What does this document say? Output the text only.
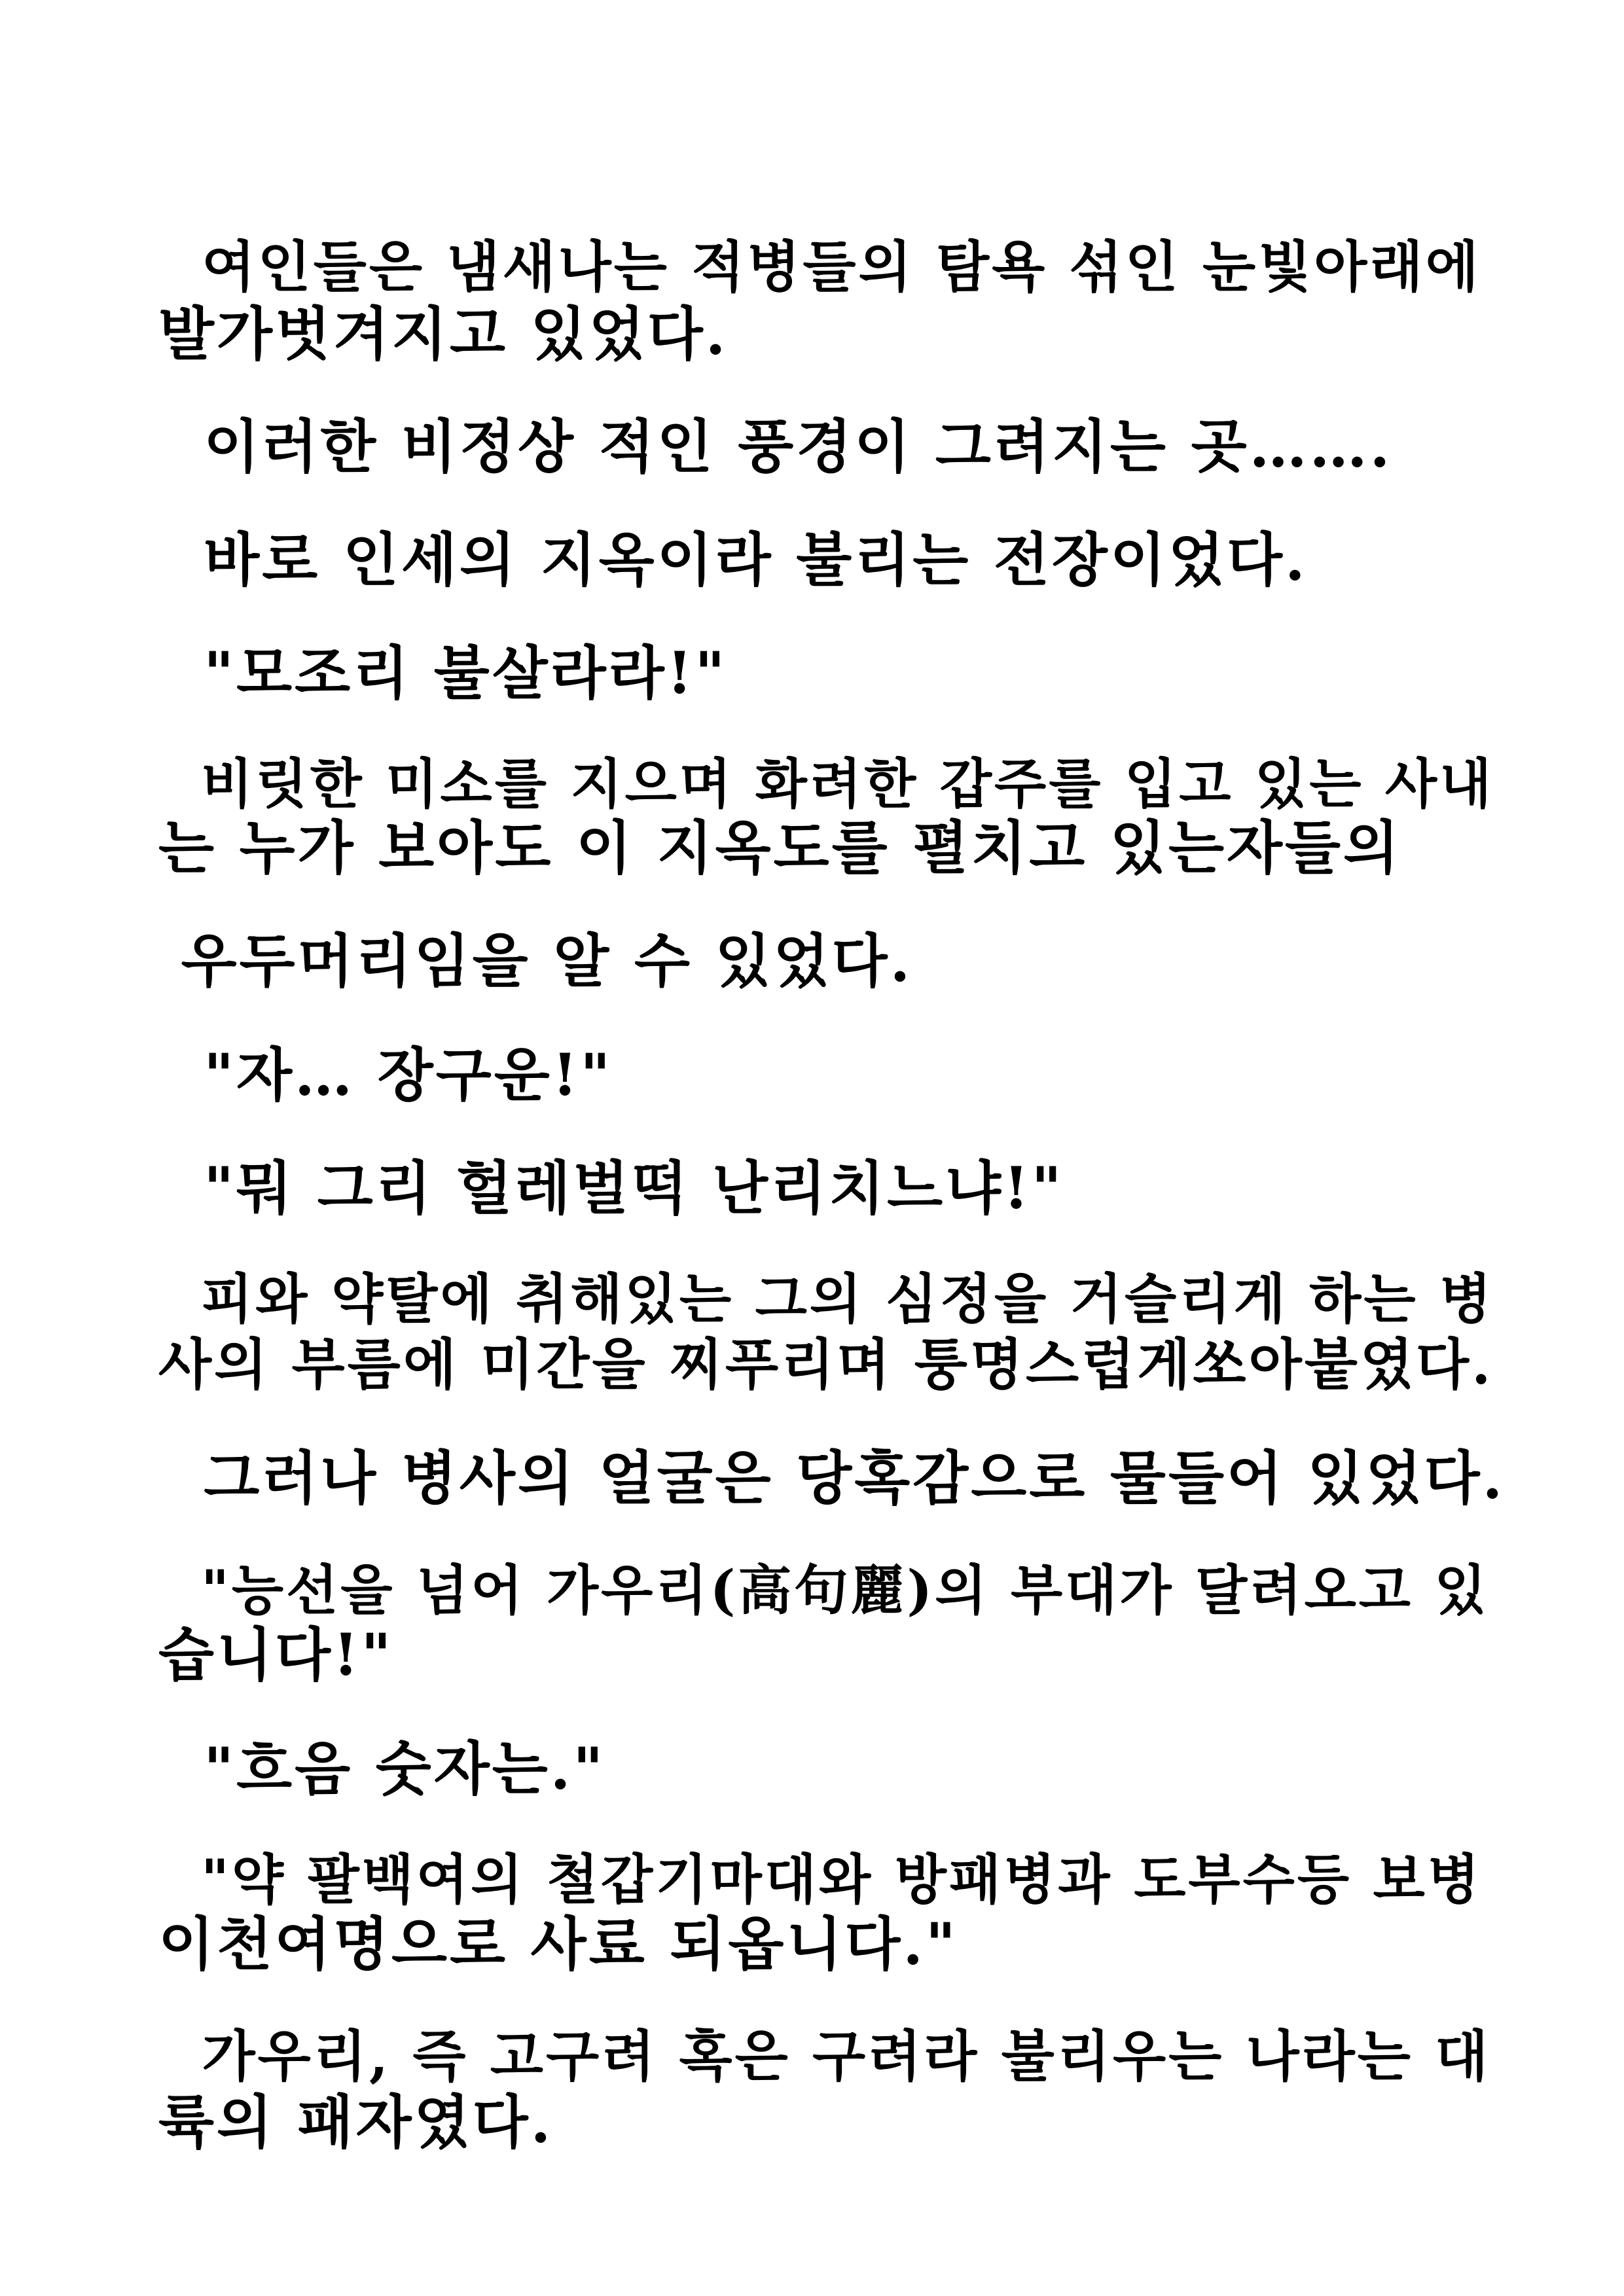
여인들은 냄새나는 적병들의 탐욕 섞인 눈빛아래에

발가벗겨지고 있었다.

이러한 비정상 적인 풍경이 그려지는 곳…….

바로 인세의 지옥이라 불리는 전장이었다.

"모조리 불살라라!"

비릿한 미소를 지으며 화려한 갑주를 입고 있는 사내

는 누가 보아도 이 지옥도를 펼치고 있는자들의

우두머리임을 알 수 있었다.

"자… 장구운!"

"뭐 그리 헐레벌떡 난리치느냐!"

피와 약탈에 취해있는 그의 심정을 거슬리게 하는 병

사의 부름에 미간을 찌푸리며 퉁명스럽게쏘아붙였다.

그러나 병사의 얼굴은 당혹감으로 물들어 있었다.

"능선을 넘어 가우리(高句麗)의 부대가 달려오고 있

습니다!"

"흐음 숫자는."

"약 팔백여의 철갑기마대와 방패병과 도부수등 보병

이천여명으로 사료 되옵니다."

가우리, 즉 고구려 혹은 구려라 불리우는 나라는 대

륙의 패자였다.
